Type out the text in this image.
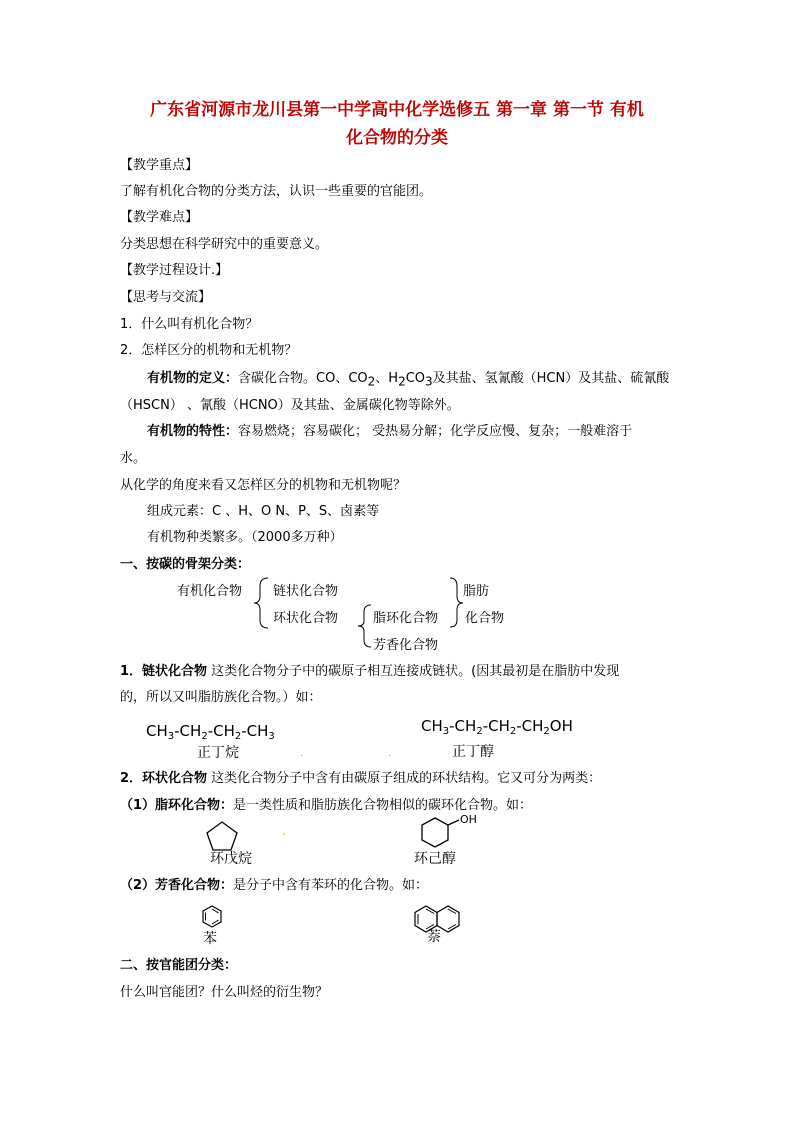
广东省河源市龙川县第一中学高中化学选修五 第一章 第一节 有机
化合物的分类
【教学重点】
了解有机化合物的分类方法，认识一些重要的官能团。
【教学难点】
分类思想在科学研究中的重要意义。
【教学过程设计.】
【思考与交流】
1．什么叫有机化合物？
2．怎样区分的机物和无机物？
有机物的定义：含碳化合物。CO、$CO_2$、$H_2CO_3$及其盐、氢氰酸（HCN）及其盐、硫氰酸
（HSCN） 、氰酸（HCNO）及其盐、金属碳化物等除外。
有机物的特性：容易燃烧；容易碳化； 受热易分解；化学反应慢、复杂；一般难溶于
水。
从化学的角度来看又怎样区分的机物和无机物呢？
组成元素：C 、H、O N、P、S、卤素等
有机物种类繁多。（2000多万种）
一、按碳的骨架分类：
有机化合物 链状化合物
环状化合物	脂环化合物
芳香化合物
脂肪
化合物
1．链状化合物 这类化合物分子中的碳原子相互连接成链状。(因其最初是在脂肪中发现
的，所以又叫脂肪族化合物。）如：
$CH_3-CH_2-CH_2-CH_3$
正丁烷
$CH_3-CH_2-CH_2-CH_2OH$
正丁醇
.	.
2．环状化合物 这类化合物分子中含有由碳原子组成的环状结构。它又可分为两类：
（1）脂环化合物：是一类性质和脂肪族化合物相似的碳环化合物。如：
OH
环戊烷	环己醇
-
（2）芳香化合物：是分子中含有苯环的化合物。如：
苯	萘
二、按官能团分类：
什么叫官能团？什么叫烃的衍生物？
